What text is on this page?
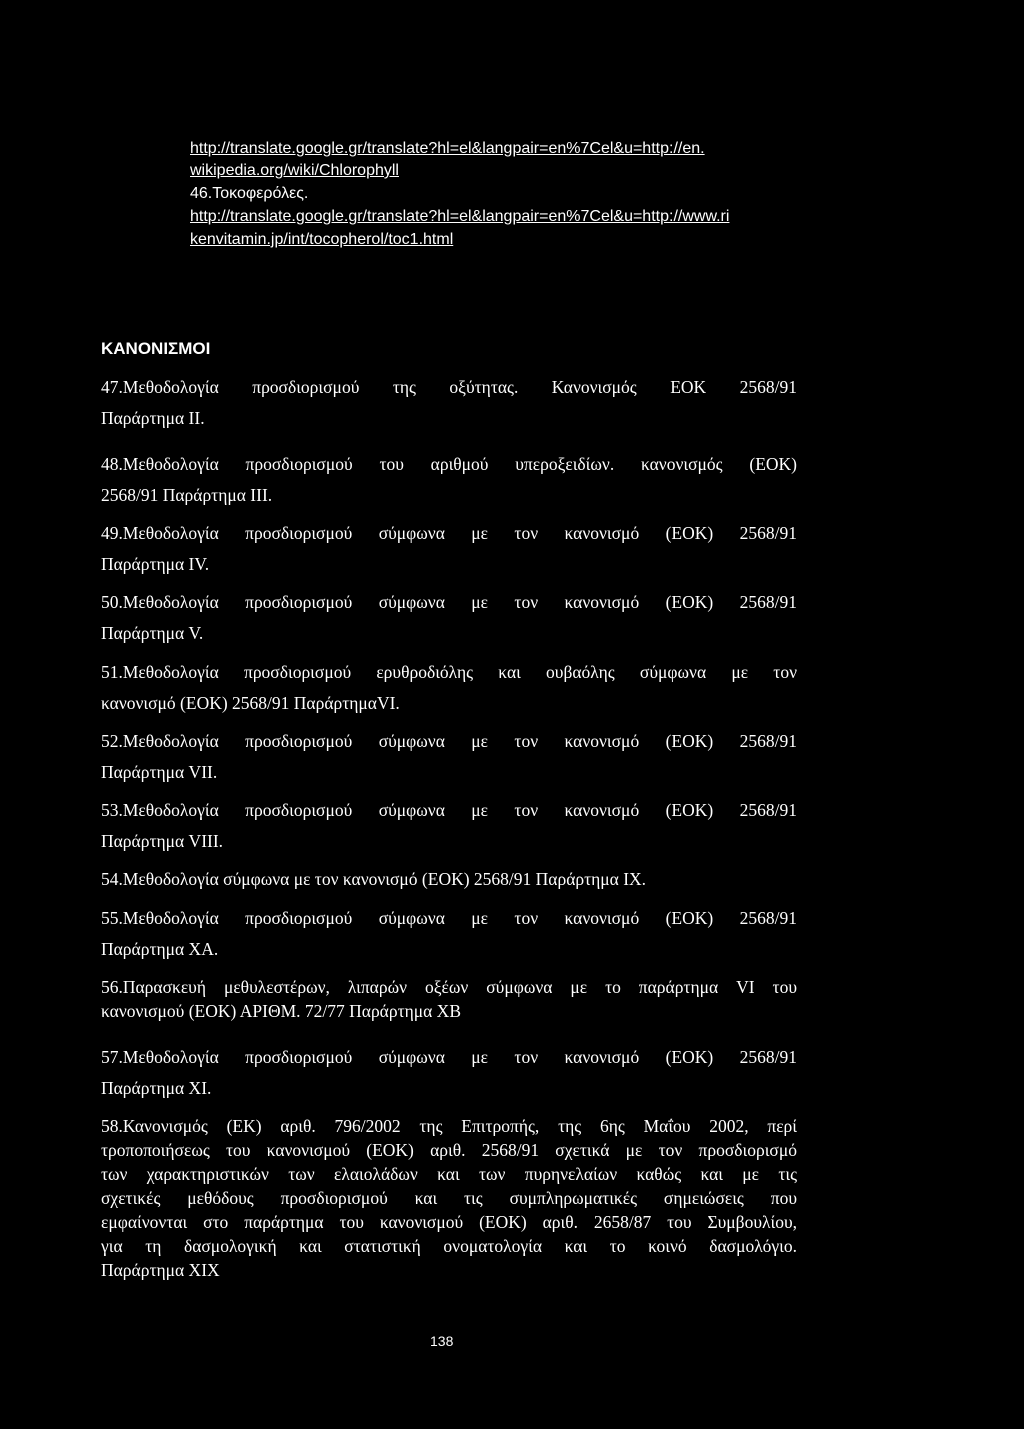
http://translate.google.gr/translate?hl=el&langpair=en%7Cel&u=http://en.

wikipedia.org/wiki/Chlorophyll

46.Τοκοφερόλες.

http://translate.google.gr/translate?hl=el&langpair=en%7Cel&u=http://www.ri

kenvitamin.jp/int/tocopherol/toc1.html

ΚΑΝΟΝΙΣΜΟΙ

47.Μεθοδολογία προσδιορισμού της οξύτητας. Κανονισμός ΕΟΚ 2568/91

Παράρτημα II.

48.Μεθοδολογία προσδιορισμού του αριθμού υπεροξειδίων. κανονισμός (ΕΟΚ)

2568/91 Παράρτημα III.

49.Μεθοδολογία προσδιορισμού σύμφωνα με τον κανονισμό (ΕΟΚ) 2568/91

Παράρτημα IV.

50.Μεθοδολογία προσδιορισμού σύμφωνα με τον κανονισμό (ΕΟΚ) 2568/91

Παράρτημα V.

51.Μεθοδολογία προσδιορισμού ερυθροδιόλης και ουβαόλης σύμφωνα με τον

κανονισμό (ΕΟΚ) 2568/91 ΠαράρτημαVI.

52.Μεθοδολογία προσδιορισμού σύμφωνα με τον κανονισμό (ΕΟΚ) 2568/91

Παράρτημα VII.

53.Μεθοδολογία προσδιορισμού σύμφωνα με τον κανονισμό (ΕΟΚ) 2568/91

Παράρτημα VIII.

54.Μεθοδολογία σύμφωνα με τον κανονισμό (ΕΟΚ) 2568/91 Παράρτημα IX.

55.Μεθοδολογία προσδιορισμού σύμφωνα με τον κανονισμό (ΕΟΚ) 2568/91

Παράρτημα ΧΑ.

56.Παρασκευή μεθυλεστέρων, λιπαρών οξέων σύμφωνα με το παράρτημα VI του

κανονισμού (ΕΟΚ) ΑΡΙΘΜ. 72/77 Παράρτημα ΧΒ

57.Μεθοδολογία προσδιορισμού σύμφωνα με τον κανονισμό (ΕΟΚ) 2568/91

Παράρτημα XI.

58.Κανονισμός (ΕΚ) αριθ. 796/2002 της Επιτροπής, της 6ης Μαΐου 2002, περί

τροποποιήσεως του κανονισμού (ΕΟΚ) αριθ. 2568/91 σχετικά με τον προσδιορισμό

των χαρακτηριστικών των ελαιολάδων και των πυρηνελαίων καθώς και με τις

σχετικές μεθόδους προσδιορισμού και τις συμπληρωματικές σημειώσεις που

εμφαίνονται στο παράρτημα του κανονισμού (ΕΟΚ) αριθ. 2658/87 του Συμβουλίου,

για τη δασμολογική και στατιστική ονοματολογία και το κοινό δασμολόγιο.

Παράρτημα XIX

138
